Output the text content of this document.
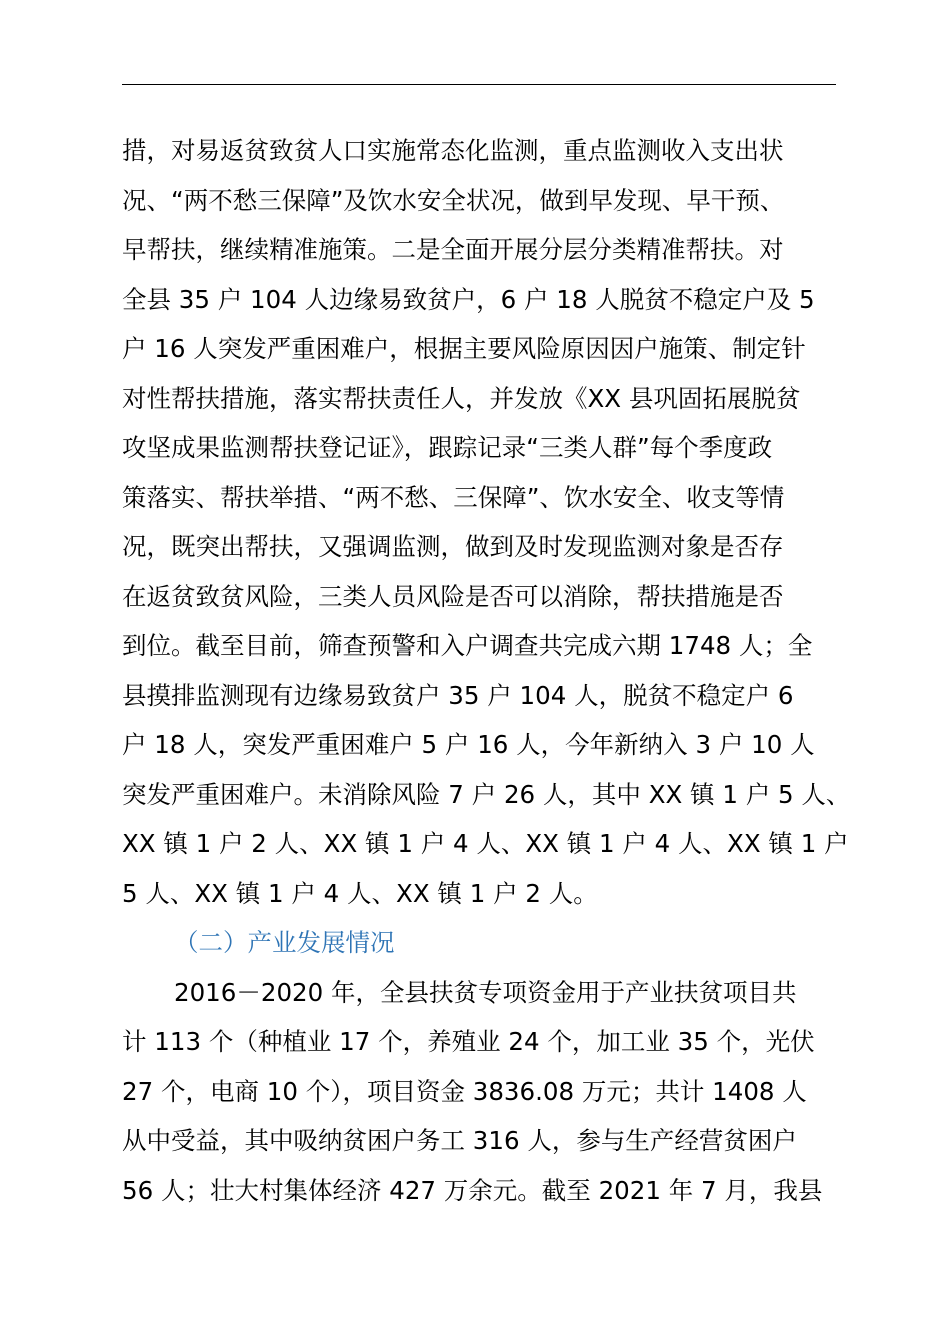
措，对易返贫致贫人口实施常态化监测，重点监测收入支出状
况、“两不愁三保障”及饮水安全状况，做到早发现、早干预、
早帮扶，继续精准施策。二是全面开展分层分类精准帮扶。对
全县 35 户 104 人边缘易致贫户，6 户 18 人脱贫不稳定户及 5
户 16 人突发严重困难户，根据主要风险原因因户施策、制定针
对性帮扶措施，落实帮扶责任人，并发放《XX 县巩固拓展脱贫
攻坚成果监测帮扶登记证》，跟踪记录“三类人群”每个季度政
策落实、帮扶举措、“两不愁、三保障”、饮水安全、收支等情
况，既突出帮扶，又强调监测，做到及时发现监测对象是否存
在返贫致贫风险，三类人员风险是否可以消除，帮扶措施是否
到位。截至目前，筛查预警和入户调查共完成六期 1748 人；全
县摸排监测现有边缘易致贫户 35 户 104 人，脱贫不稳定户 6
户 18 人，突发严重困难户 5 户 16 人，今年新纳入 3 户 10 人
突发严重困难户。未消除风险 7 户 26 人，其中 XX 镇 1 户 5 人、
XX 镇 1 户 2 人、XX 镇 1 户 4 人、XX 镇 1 户 4 人、XX 镇 1 户
5 人、XX 镇 1 户 4 人、XX 镇 1 户 2 人。
（二）产业发展情况
2016－2020 年，全县扶贫专项资金用于产业扶贫项目共
计 113 个（种植业 17 个，养殖业 24 个，加工业 35 个，光伏
27 个，电商 10 个），项目资金 3836.08 万元；共计 1408 人
从中受益，其中吸纳贫困户务工 316 人，参与生产经营贫困户
56 人；壮大村集体经济 427 万余元。截至 2021 年 7 月，我县
